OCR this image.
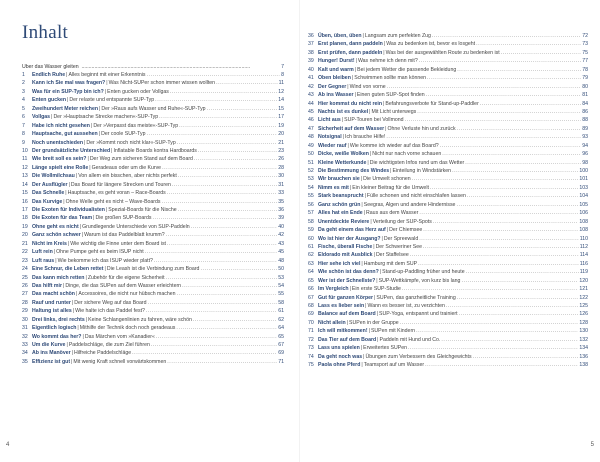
Inhalt
Über das Wasser gleiten  .....................................................................................................................	7
1	Endlich Ruhe | Alles beginnt mit einer Erkenntnis .....	8
2	Kann ich Sie mal was fragen? | Was Nicht-SUPer schon immer wissen wollten .....	11
3	Was für ein SUP-Typ bin ich? | Enten gucken oder Vollgas .....	12
4	Enten gucken | Der relaxte und entspannte SUP-Typ .....	14
5	Zweihundert Meter reichen | Der »Raus aufs Wasser und Ruhe«-SUP-Typ .....	15
6	Vollgas | Der »Hauptsache Strecke machen«-SUP-Typ .....	17
7	Habe ich nicht gesehen | Der »Verpasst das meiste«-SUP-Typ .....	19
8	Hauptsache, gut aussehen | Der coole SUP-Typ .....	20
9	Noch unentschieden | Der »Kommt noch nicht klar«-SUP-Typ .....	21
10 Der grundsätzliche Unterschied | Inflatable Boards kontra Hardboards .....	23
11 Wie breit soll es sein? | Der Weg zum sicheren Stand auf dem Board .....	26
12 Länge spielt eine Rolle | Geradeaus oder um die Kurve .....	28
13 Die Wollmilchsau | Von allem ein bisschen, aber nichts perfekt .....	30
14 Der Ausflügler | Das Board für längere Strecken und Touren .....	31
15 Das Schnelle | Hauptsache, es geht voran – Race-Boards .....	33
16 Das Kurvige | Ohne Welle geht es nicht – Wave-Boards .....	35
17 Die Exoten für Individualisten | Spezial-Boards für die Nische .....	36
18 Die Exoten für das Team | Die großen SUP-Boards .....	39
19 Ohne geht es nicht | Grundlegende Unterschiede von SUP-Paddeln .....	40
20 Ganz schön schwer | Warum ist das Paddelblatt krumm? .....	42
21 Nicht im Kreis | Wie wichtig die Finne unter dem Board ist .....	43
22 Luft rein | Ohne Pumpe geht es beim ISUP nicht .....	45
23 Luft raus | Wie bekomme ich das ISUP wieder platt? .....	48
24 Eine Schnur, die Leben rettet | Die Leash ist die Verbindung zum Board .....	50
25 Das kann mich retten | Zubehör für die eigene Sicherheit .....	53
26 Das hilft mir | Dinge, die das SUPen auf dem Wasser erleichtern .....	54
27 Das macht schön | Accessoires, die nicht nur hübsch machen .....	55
28 Rauf und runter | Der sichere Weg auf das Board .....	58
29 Haltung ist alles | Wie halte ich das Paddel fest? .....	61
30 Drei links, drei rechts | Keine Schlangenlinien zu fahren, wäre schön .....	62
31 Eigentlich logisch | Mithilfe der Technik doch noch geradeaus .....	64
32 Wo kommt das her? | Das Märchen vom »Kanadier« .....	65
33 Um die Kurve | Paddelschläge, die zum Ziel führen .....	67
34 Ab ins Manöver | Hilfreiche Paddelschläge .....	69
35 Effizienz ist gut | Mit wenig Kraft schnell vorwärtskommen .....	71
4
36 Üben, üben, üben | Langsam zum perfekten Zug .....	72
37 Erst planen, dann paddeln | Was zu bedenken ist, bevor es losgeht .....	73
38 Erst prüfen, dann paddeln | Was bei der ausgewählten Route zu bedenken ist .....	75
39 Hunger! Durst! | Was nehme ich denn mit? .....	77
40 Kalt und warm | Bei jedem Wetter die passende Bekleidung .....	78
41 Oben bleiben | Schwimmen sollte man können .....	79
42 Der Gegner | Wind von vorne .....	80
43 Ab ins Wasser | Einen guten SUP-Spot finden .....	81
44 Hier kommst du nicht rein | Befahrungsverbote für Stand-up-Paddler .....	84
45 Nachts ist es dunkel | Mit Licht unterwegs .....	86
46 Licht aus | SUP-Touren bei Vollmond .....	88
47 Sicherheit auf dem Wasser | Ohne Verluste hin und zurück .....	89
48 Notsignal | Ich brauche Hilfe! .....	93
49 Wieder rauf | Wie komme ich wieder auf das Board? .....	94
50 Dicke, weiße Wolken | Nicht nur nach vorne schauen .....	96
51 Kleine Wetterkunde | Die wichtigsten Infos rund um das Wetter .....	98
52 Die Bestimmung des Windes | Einteilung in Windstärken .....	100
53 Wir brauchen sie | Die Umwelt schonen .....	101
54 Nimm es mit | Ein kleiner Beitrag für die Umwelt .....	103
55 Stark beansprucht | Fülle schonen und nicht einschlafen lassen .....	104
56 Ganz schön grün | Seegras, Algen und andere Hindernisse .....	105
57 Alles hat ein Ende | Raus aus dem Wasser .....	106
58 Unentdeckte Reviere | Verteilung der SUP-Spots .....	108
59 Da geht einem das Herz auf | Der Chiemsee .....	108
60 Wo ist hier der Ausgang? | Der Spreewald .....	110
61 Fische, überall Fische | Der Schweriner See .....	112
62 Eldorado mit Ausblick | Der Staffelsee .....	114
63 Hier sehe ich viel | Hamburg mit dem SUP .....	116
64 Wie schön ist das denn? | Stand-up-Paddling früher und heute .....	119
65 Wer ist der Schnellste? | SUP-Wettkämpfe, von kurz bis lang .....	120
66 Im Vergleich | Ein erste SUP-Studie .....	121
67 Gut für ganzen Körper | SUPen, das ganzheitliche Training .....	122
68 Lass es lieber sein | Wann es besser ist, zu verzichten .....	125
69 Balance auf dem Board | SUP-Yoga, entspannt und trainiert .....	126
70 Nicht allein | SUPen in der Gruppe .....	128
71 Ich will mitkommen! | SUPen mit Kindern .....	130
72 Das Tier auf dem Board | Paddeln mit Hund und Co. .....	132
73 Lass uns spielen | Erweitertes SUPen .....	134
74 Da geht noch was | Übungen zum Verbessern des Gleichgewichts .....	136
75 Paola ohne Pferd | Teamsport auf um Wasser .....	138
5
